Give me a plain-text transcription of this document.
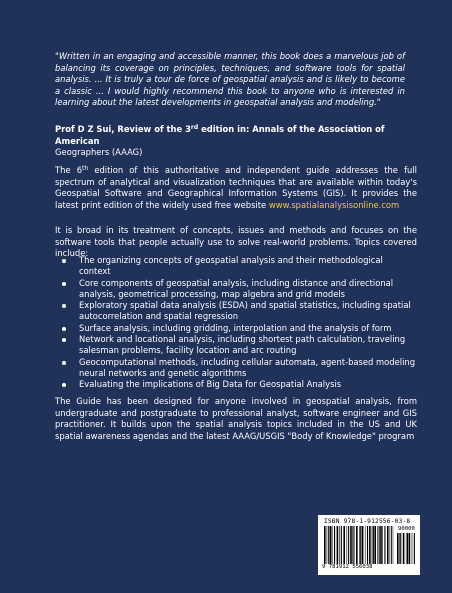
"Written in an engaging and accessible manner, this book does a marvelous job of balancing its coverage on principles, techniques, and software tools for spatial analysis. ... It is truly a tour de force of geospatial analysis and is likely to become a classic ... I would highly recommend this book to anyone who is interested in learning about the latest developments in geospatial analysis and modeling."

Prof D Z Sui, Review of the 3rd edition in: Annals of the Association of American
Geographers (AAAG)

The 6th edition of this authoritative and independent guide addresses the full spectrum of analytical and visualization techniques that are available within today's Geospatial Software and Geographical Information Systems (GIS). It provides the latest print edition of the widely used free website www.spatialanalysisonline.com

It is broad in its treatment of concepts, issues and methods and focuses on the software tools that people actually use to solve real-world problems. Topics covered include:

The organizing concepts of geospatial analysis and their methodological context
Core components of geospatial analysis, including distance and directional analysis, geometrical processing, map algebra and grid models
Exploratory spatial data analysis (ESDA) and spatial statistics, including spatial autocorrelation and spatial regression
Surface analysis, including gridding, interpolation and the analysis of form
Network and locational analysis, including shortest path calculation, traveling salesman problems, facility location and arc routing
Geocomputational methods, including cellular automata, agent-based modeling neural networks and genetic algorithms
Evaluating the implications of Big Data for Geospatial Analysis

The Guide has been designed for anyone involved in geospatial analysis, from undergraduate and postgraduate to professional analyst, software engineer and GIS practitioner. It builds upon the spatial analysis topics included in the US and UK spatial awareness agendas and the latest AAAG/USGIS "Body of Knowledge" program

ISBN 978-1-912556-03-8
9 781912 556038
90000
